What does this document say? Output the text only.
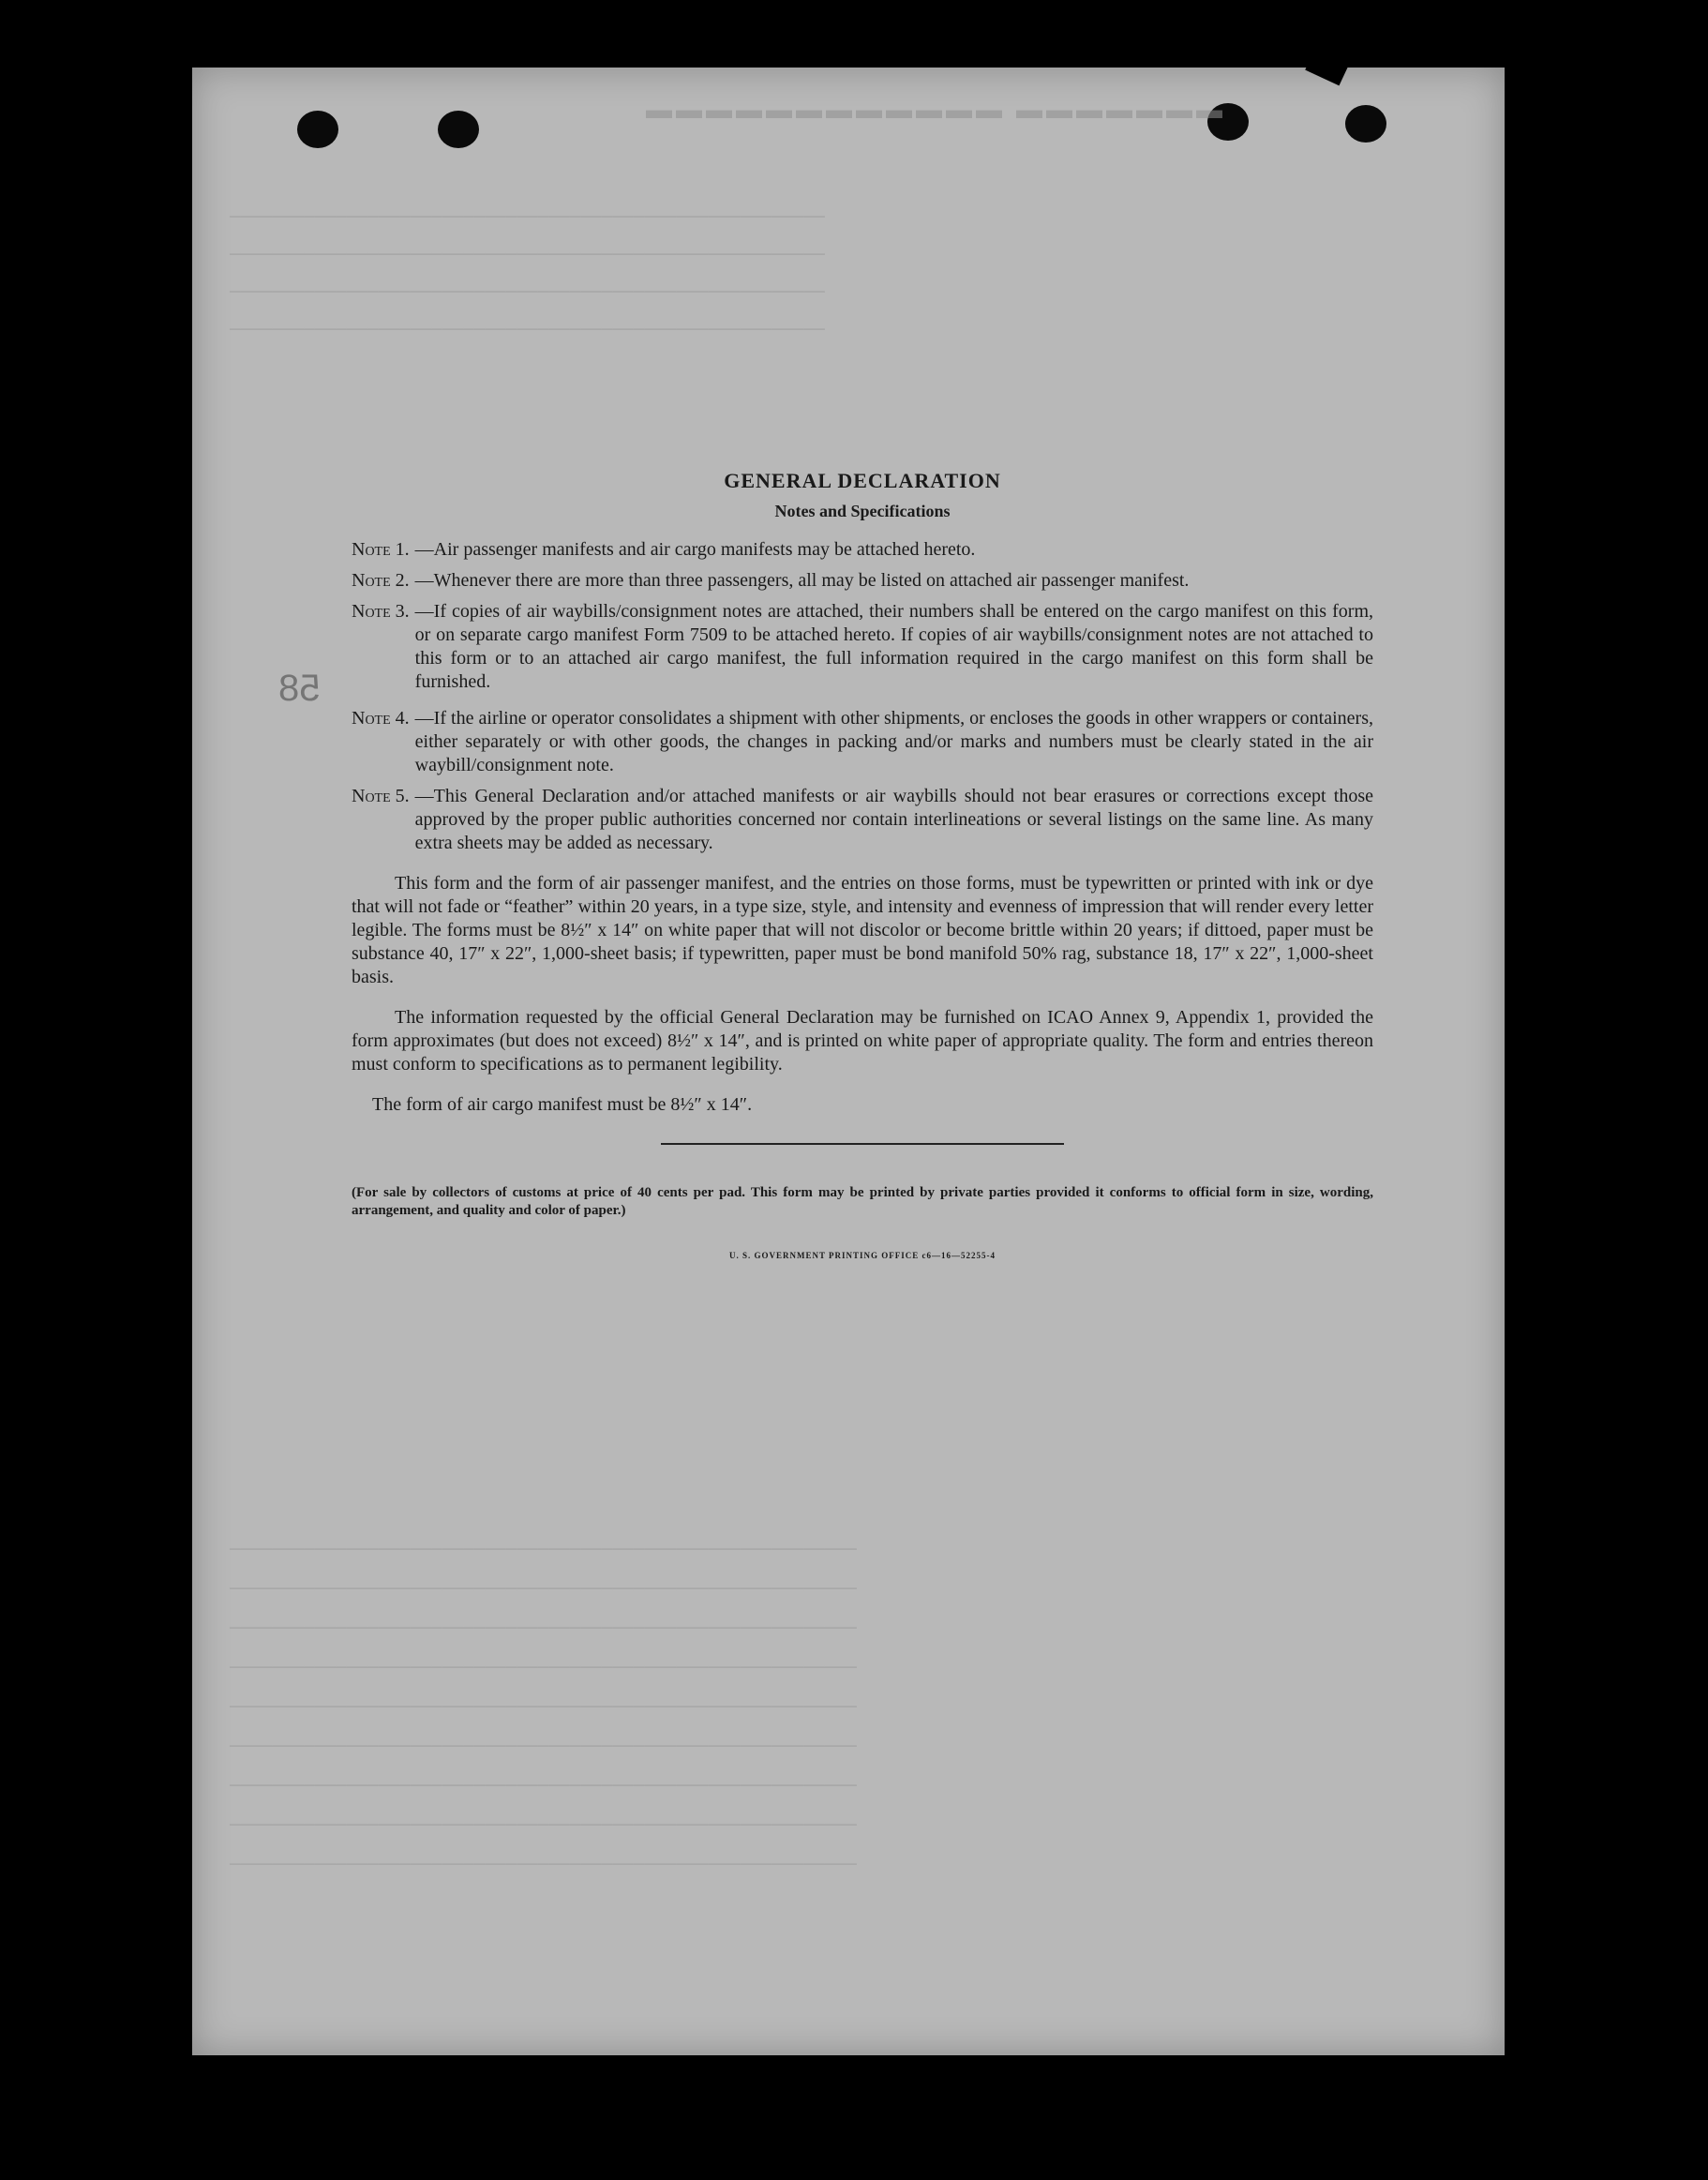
▬▬▬▬▬▬▬ ▬▬▬▬▬▬▬▬▬▬▬▬
────────────────────────────────────────────────────────
────────────────────────────────────────────────────────
────────────────────────────────────────────────────────
────────────────────────────────────────────────────────
───────────────────────────────────────────────────────────
───────────────────────────────────────────────────────────
───────────────────────────────────────────────────────────
───────────────────────────────────────────────────────────
───────────────────────────────────────────────────────────
───────────────────────────────────────────────────────────
───────────────────────────────────────────────────────────
───────────────────────────────────────────────────────────
───────────────────────────────────────────────────────────
58
GENERAL DECLARATION
Notes and Specifications
Note 1. —Air passenger manifests and air cargo manifests may be attached hereto.
Note 2. —Whenever there are more than three passengers, all may be listed on attached air passenger manifest.
Note 3. —If copies of air waybills/consignment notes are attached, their numbers shall be entered on the cargo manifest on this form, or on separate cargo manifest Form 7509 to be attached hereto. If copies of air waybills/consignment notes are not attached to this form or to an attached air cargo manifest, the full information required in the cargo manifest on this form shall be furnished.
Note 4. —If the airline or operator consolidates a shipment with other shipments, or encloses the goods in other wrappers or containers, either separately or with other goods, the changes in packing and/or marks and numbers must be clearly stated in the air waybill/consignment note.
Note 5. —This General Declaration and/or attached manifests or air waybills should not bear erasures or corrections except those approved by the proper public authorities concerned nor contain interlineations or several listings on the same line. As many extra sheets may be added as necessary.

This form and the form of air passenger manifest, and the entries on those forms, must be typewritten or printed with ink or dye that will not fade or “feather” within 20 years, in a type size, style, and intensity and evenness of impression that will render every letter legible. The forms must be 8½″ x 14″ on white paper that will not discolor or become brittle within 20 years; if dittoed, paper must be substance 40, 17″ x 22″, 1,000-sheet basis; if typewritten, paper must be bond manifold 50% rag, substance 18, 17″ x 22″, 1,000-sheet basis.

The information requested by the official General Declaration may be furnished on ICAO Annex 9, Appendix 1, provided the form approximates (but does not exceed) 8½″ x 14″, and is printed on white paper of appropriate quality. The form and entries thereon must conform to specifications as to permanent legibility.

The form of air cargo manifest must be 8½″ x 14″.

(For sale by collectors of customs at price of 40 cents per pad. This form may be printed by private parties provided it conforms to official form in size, wording, arrangement, and quality and color of paper.)
U. S. GOVERNMENT PRINTING OFFICE c6—16—52255-4
